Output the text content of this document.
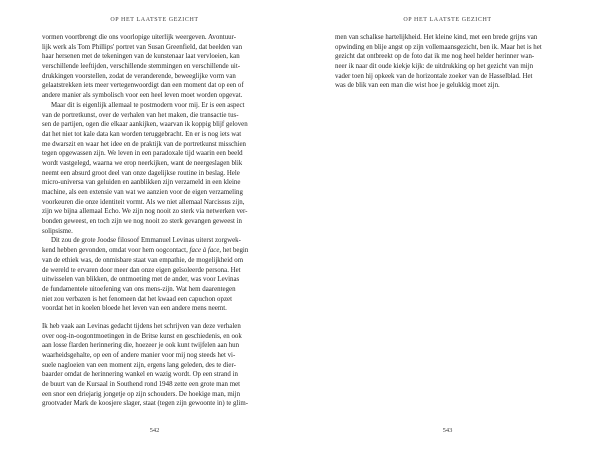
OP HET LAATSTE GEZICHT
vormen voortbrengt die ons voorlopige uiterlijk weergeven. Avontuur-
lijk werk als Tom Phillips' portret van Susan Greenfield, dat beelden van
haar hersenen met de tekeningen van de kunstenaar laat vervloeien, kan
verschillende leeftijden, verschillende stemmingen en verschillende uit-
drukkingen voorstellen, zodat de veranderende, beweeglijke vorm van
gelaatstrekken iets meer vertegenwoordigt dan een moment dat op een of
andere manier als symbolisch voor een heel leven moet worden opgevat.
Maar dit is eigenlijk allemaal te postmodern voor mij. Er is een aspect
van de portretkunst, over de verhalen van het maken, die transactie tus-
sen de partijen, ogen die elkaar aankijken, waarvan ik koppig blijf geloven
dat het niet tot kale data kan worden teruggebracht. En er is nog iets wat
me dwarszit en waar het idee en de praktijk van de portretkunst misschien
tegen opgewassen zijn. We leven in een paradoxale tijd waarin een beeld
wordt vastgelegd, waarna we erop neerkijken, want de neergeslagen blik
neemt een absurd groot deel van onze dagelijkse routine in beslag. Hele
micro-universa van geluiden en aanblikken zijn verzameld in een kleine
machine, als een extensie van wat we aanzien voor de eigen verzameling
voorkeuren die onze identiteit vormt. Als we niet allemaal Narcissus zijn,
zijn we bijna allemaal Echo. We zijn nog nooit zo sterk via netwerken ver-
bonden geweest, en toch zijn we nog nooit zo sterk gevangen geweest in
solipsisme.
Dit zou de grote Joodse filosoof Emmanuel Levinas uiterst zorgwek-
kend hebben gevonden, omdat voor hem oogcontact, face à face, het begin
van de ethiek was, de onmisbare staat van empathie, de mogelijkheid om
de wereld te ervaren door meer dan onze eigen geïsoleerde persona. Het
uitwisselen van blikken, de ontmoeting met de ander, was voor Levinas
de fundamentele uitoefening van ons mens-zijn. Wat hem daarentegen
niet zou verbazen is het fenomeen dat het kwaad een capuchon opzet
voordat het in koelen bloede het leven van een andere mens neemt.
Ik heb vaak aan Levinas gedacht tijdens het schrijven van deze verhalen
over oog-in-oogontmoetingen in de Britse kunst en geschiedenis, en ook
aan losse flarden herinnering die, hoezeer je ook kunt twijfelen aan hun
waarheidsgehalte, op een of andere manier voor mij nog steeds het vi-
suele nagloeien van een moment zijn, ergens lang geleden, des te dier-
baarder omdat de herinnering wankel en wazig wordt. Op een strand in
de buurt van de Kursaal in Southend rond 1948 zette een grote man met
een snor een driejarig jongetje op zijn schouders. De hoekige man, mijn
grootvader Mark de koosjere slager, staat (tegen zijn gewoonte in) te glim-
542
OP HET LAATSTE GEZICHT
men van schalkse hartelijkheid. Het kleine kind, met een brede grijns van
opwinding en blije angst op zijn vollemaansgezicht, ben ik. Maar het is het
gezicht dat ontbreekt op de foto dat ik me nog heel helder herinner wan-
neer ik naar dit oude kiekje kijk: de uitdrukking op het gezicht van mijn
vader toen hij opkeek van de horizontale zoeker van de Hasselblad. Het
was de blik van een man die wist hoe je gelukkig moet zijn.
543
